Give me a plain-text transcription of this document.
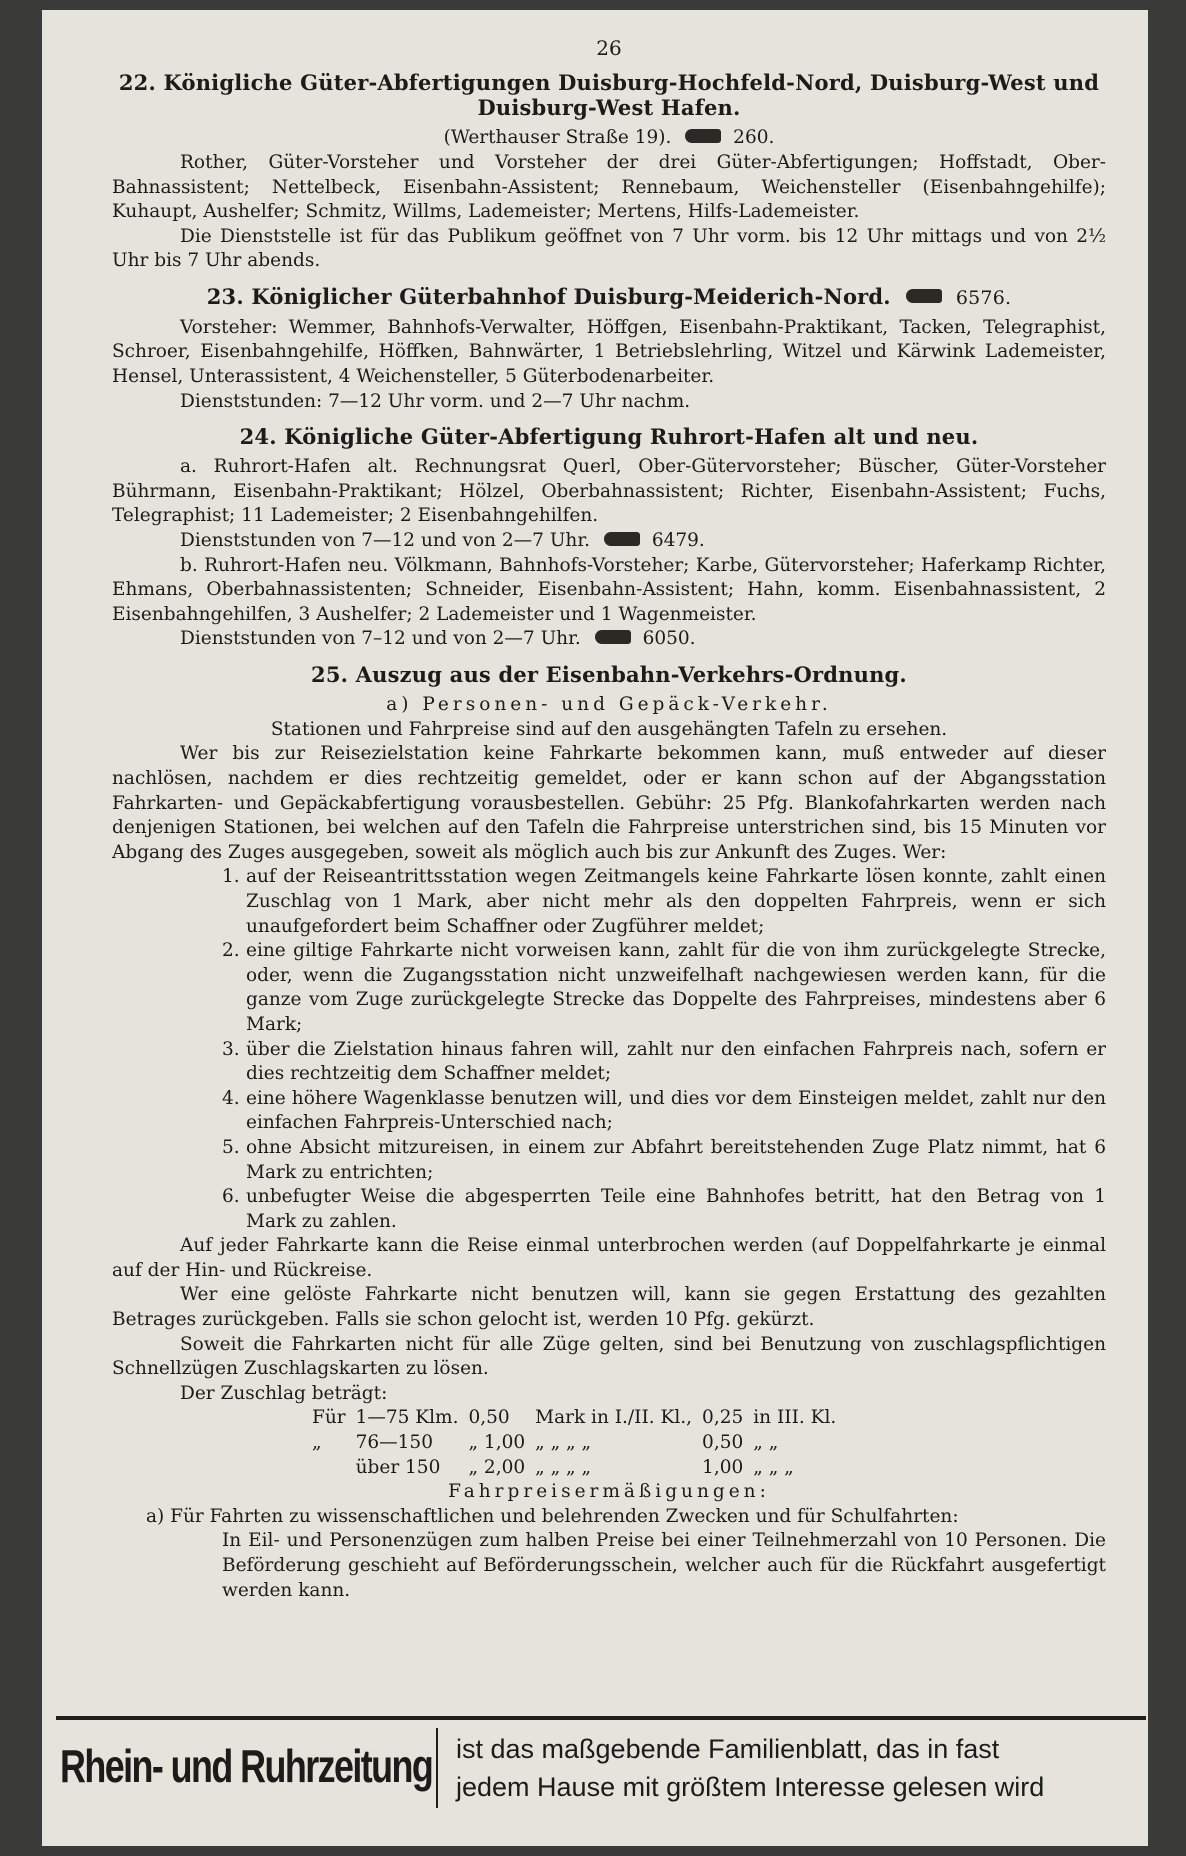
26
22. Königliche Güter-Abfertigungen Duisburg-Hochfeld-Nord, Duisburg-West und Duisburg-West Hafen.

(Werthauser Straße 19).	260.

Rother, Güter-Vorsteher und Vorsteher der drei Güter-Abfertigungen; Hoffstadt, Ober-Bahnassistent; Nettelbeck, Eisenbahn-Assistent; Rennebaum, Weichensteller (Eisenbahngehilfe); Kuhaupt, Aushelfer; Schmitz, Willms, Lademeister; Mertens, Hilfs-Lademeister.

Die Dienststelle ist für das Publikum geöffnet von 7 Uhr vorm. bis 12 Uhr mittags und von 2½ Uhr bis 7 Uhr abends.

23. Königlicher Güterbahnhof Duisburg-Meiderich-Nord.	6576.

Vorsteher: Wemmer, Bahnhofs-Verwalter, Höffgen, Eisenbahn-Praktikant, Tacken, Telegraphist, Schroer, Eisenbahngehilfe, Höffken, Bahnwärter, 1 Betriebslehrling, Witzel und Kärwink Lademeister, Hensel, Unterassistent, 4 Weichensteller, 5 Güterbodenarbeiter.

Dienststunden: 7—12 Uhr vorm. und 2—7 Uhr nachm.

24. Königliche Güter-Abfertigung Ruhrort-Hafen alt und neu.

a. Ruhrort-Hafen alt. Rechnungsrat Querl, Ober-Gütervorsteher; Büscher, Güter-Vorsteher Bührmann, Eisenbahn-Praktikant; Hölzel, Oberbahnassistent; Richter, Eisenbahn-Assistent; Fuchs, Telegraphist; 11 Lademeister; 2 Eisenbahngehilfen.

Dienststunden von 7—12 und von 2—7 Uhr.	6479.

b. Ruhrort-Hafen neu. Völkmann, Bahnhofs-Vorsteher; Karbe, Gütervorsteher; Haferkamp Richter, Ehmans, Oberbahnassistenten; Schneider, Eisenbahn-Assistent; Hahn, komm. Eisenbahnassistent, 2 Eisenbahngehilfen, 3 Aushelfer; 2 Lademeister und 1 Wagenmeister.

Dienststunden von 7–12 und von 2—7 Uhr.	6050.

25. Auszug aus der Eisenbahn-Verkehrs-Ordnung.

a) Personen- und Gepäck-Verkehr.

Stationen und Fahrpreise sind auf den ausgehängten Tafeln zu ersehen.

Wer bis zur Reisezielstation keine Fahrkarte bekommen kann, muß entweder auf dieser nachlösen, nachdem er dies rechtzeitig gemeldet, oder er kann schon auf der Abgangsstation Fahrkarten- und Gepäckabfertigung vorausbestellen. Gebühr: 25 Pfg. Blankofahrkarten werden nach denjenigen Stationen, bei welchen auf den Tafeln die Fahrpreise unterstrichen sind, bis 15 Minuten vor Abgang des Zuges ausgegeben, soweit als möglich auch bis zur Ankunft des Zuges. Wer:

1. auf der Reiseantrittsstation wegen Zeitmangels keine Fahrkarte lösen konnte, zahlt einen Zuschlag von 1 Mark, aber nicht mehr als den doppelten Fahrpreis, wenn er sich unaufgefordert beim Schaffner oder Zugführer meldet;
2. eine giltige Fahrkarte nicht vorweisen kann, zahlt für die von ihm zurückgelegte Strecke, oder, wenn die Zugangsstation nicht unzweifelhaft nachgewiesen werden kann, für die ganze vom Zuge zurückgelegte Strecke das Doppelte des Fahrpreises, mindestens aber 6 Mark;
3. über die Zielstation hinaus fahren will, zahlt nur den einfachen Fahrpreis nach, sofern er dies rechtzeitig dem Schaffner meldet;
4. eine höhere Wagenklasse benutzen will, und dies vor dem Einsteigen meldet, zahlt nur den einfachen Fahrpreis-Unterschied nach;
5. ohne Absicht mitzureisen, in einem zur Abfahrt bereitstehenden Zuge Platz nimmt, hat 6 Mark zu entrichten;
6. unbefugter Weise die abgesperrten Teile eine Bahnhofes betritt, hat den Betrag von 1 Mark zu zahlen.

Auf jeder Fahrkarte kann die Reise einmal unterbrochen werden (auf Doppelfahrkarte je einmal auf der Hin- und Rückreise.

Wer eine gelöste Fahrkarte nicht benutzen will, kann sie gegen Erstattung des gezahlten Betrages zurückgeben. Falls sie schon gelocht ist, werden 10 Pfg. gekürzt.

Soweit die Fahrkarten nicht für alle Züge gelten, sind bei Benutzung von zuschlagspflichtigen Schnellzügen Zuschlagskarten zu lösen.

Der Zuschlag beträgt:

Für	1—75 Klm.	0,50	Mark in I./II. Kl.,	0,25	in III. Kl.
„	76—150	„ 1,00	„ „ „ „	0,50	„ „
	über 150	„ 2,00	„ „ „ „	1,00	„ „ „

Fahrpreisermäßigungen:

a) Für Fahrten zu wissenschaftlichen und belehrenden Zwecken und für Schulfahrten:

In Eil- und Personenzügen zum halben Preise bei einer Teilnehmerzahl von 10 Personen. Die Beförderung geschieht auf Beförderungsschein, welcher auch für die Rückfahrt ausgefertigt werden kann.

Rhein- und Ruhrzeitung ist das maßgebende Familienblatt, das in fast
jedem Hause mit größtem Interesse gelesen wird
